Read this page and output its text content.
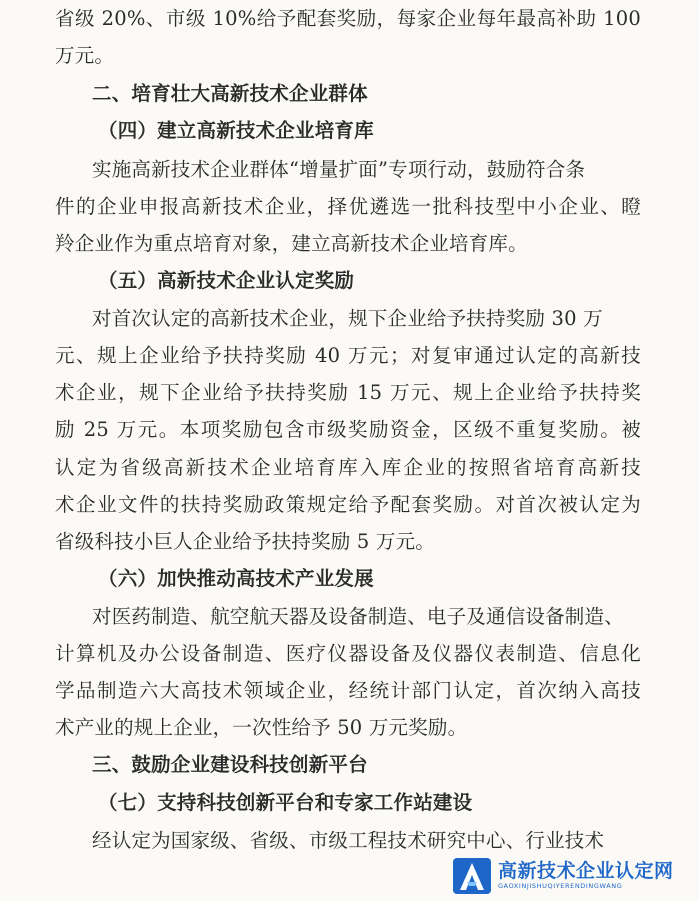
省级 20%、市级 10%给予配套奖励，每家企业每年最高补助 100
万元。
二、培育壮大高新技术企业群体
（四）建立高新技术企业培育库
实施高新技术企业群体“增量扩面”专项行动，鼓励符合条
件的企业申报高新技术企业，择优遴选一批科技型中小企业、瞪
羚企业作为重点培育对象，建立高新技术企业培育库。
（五）高新技术企业认定奖励
对首次认定的高新技术企业，规下企业给予扶持奖励 30 万
元、规上企业给予扶持奖励 40 万元；对复审通过认定的高新技
术企业，规下企业给予扶持奖励 15 万元、规上企业给予扶持奖
励 25 万元。本项奖励包含市级奖励资金，区级不重复奖励。被
认定为省级高新技术企业培育库入库企业的按照省培育高新技
术企业文件的扶持奖励政策规定给予配套奖励。对首次被认定为
省级科技小巨人企业给予扶持奖励 5 万元。
（六）加快推动高技术产业发展
对医药制造、航空航天器及设备制造、电子及通信设备制造、
计算机及办公设备制造、医疗仪器设备及仪器仪表制造、信息化
学品制造六大高技术领域企业，经统计部门认定，首次纳入高技
术产业的规上企业，一次性给予 50 万元奖励。
三、鼓励企业建设科技创新平台
（七）支持科技创新平台和专家工作站建设
经认定为国家级、省级、市级工程技术研究中心、行业技术
高新技术企业认定网
GAOXINJISHUQIYERENDINGWANG
